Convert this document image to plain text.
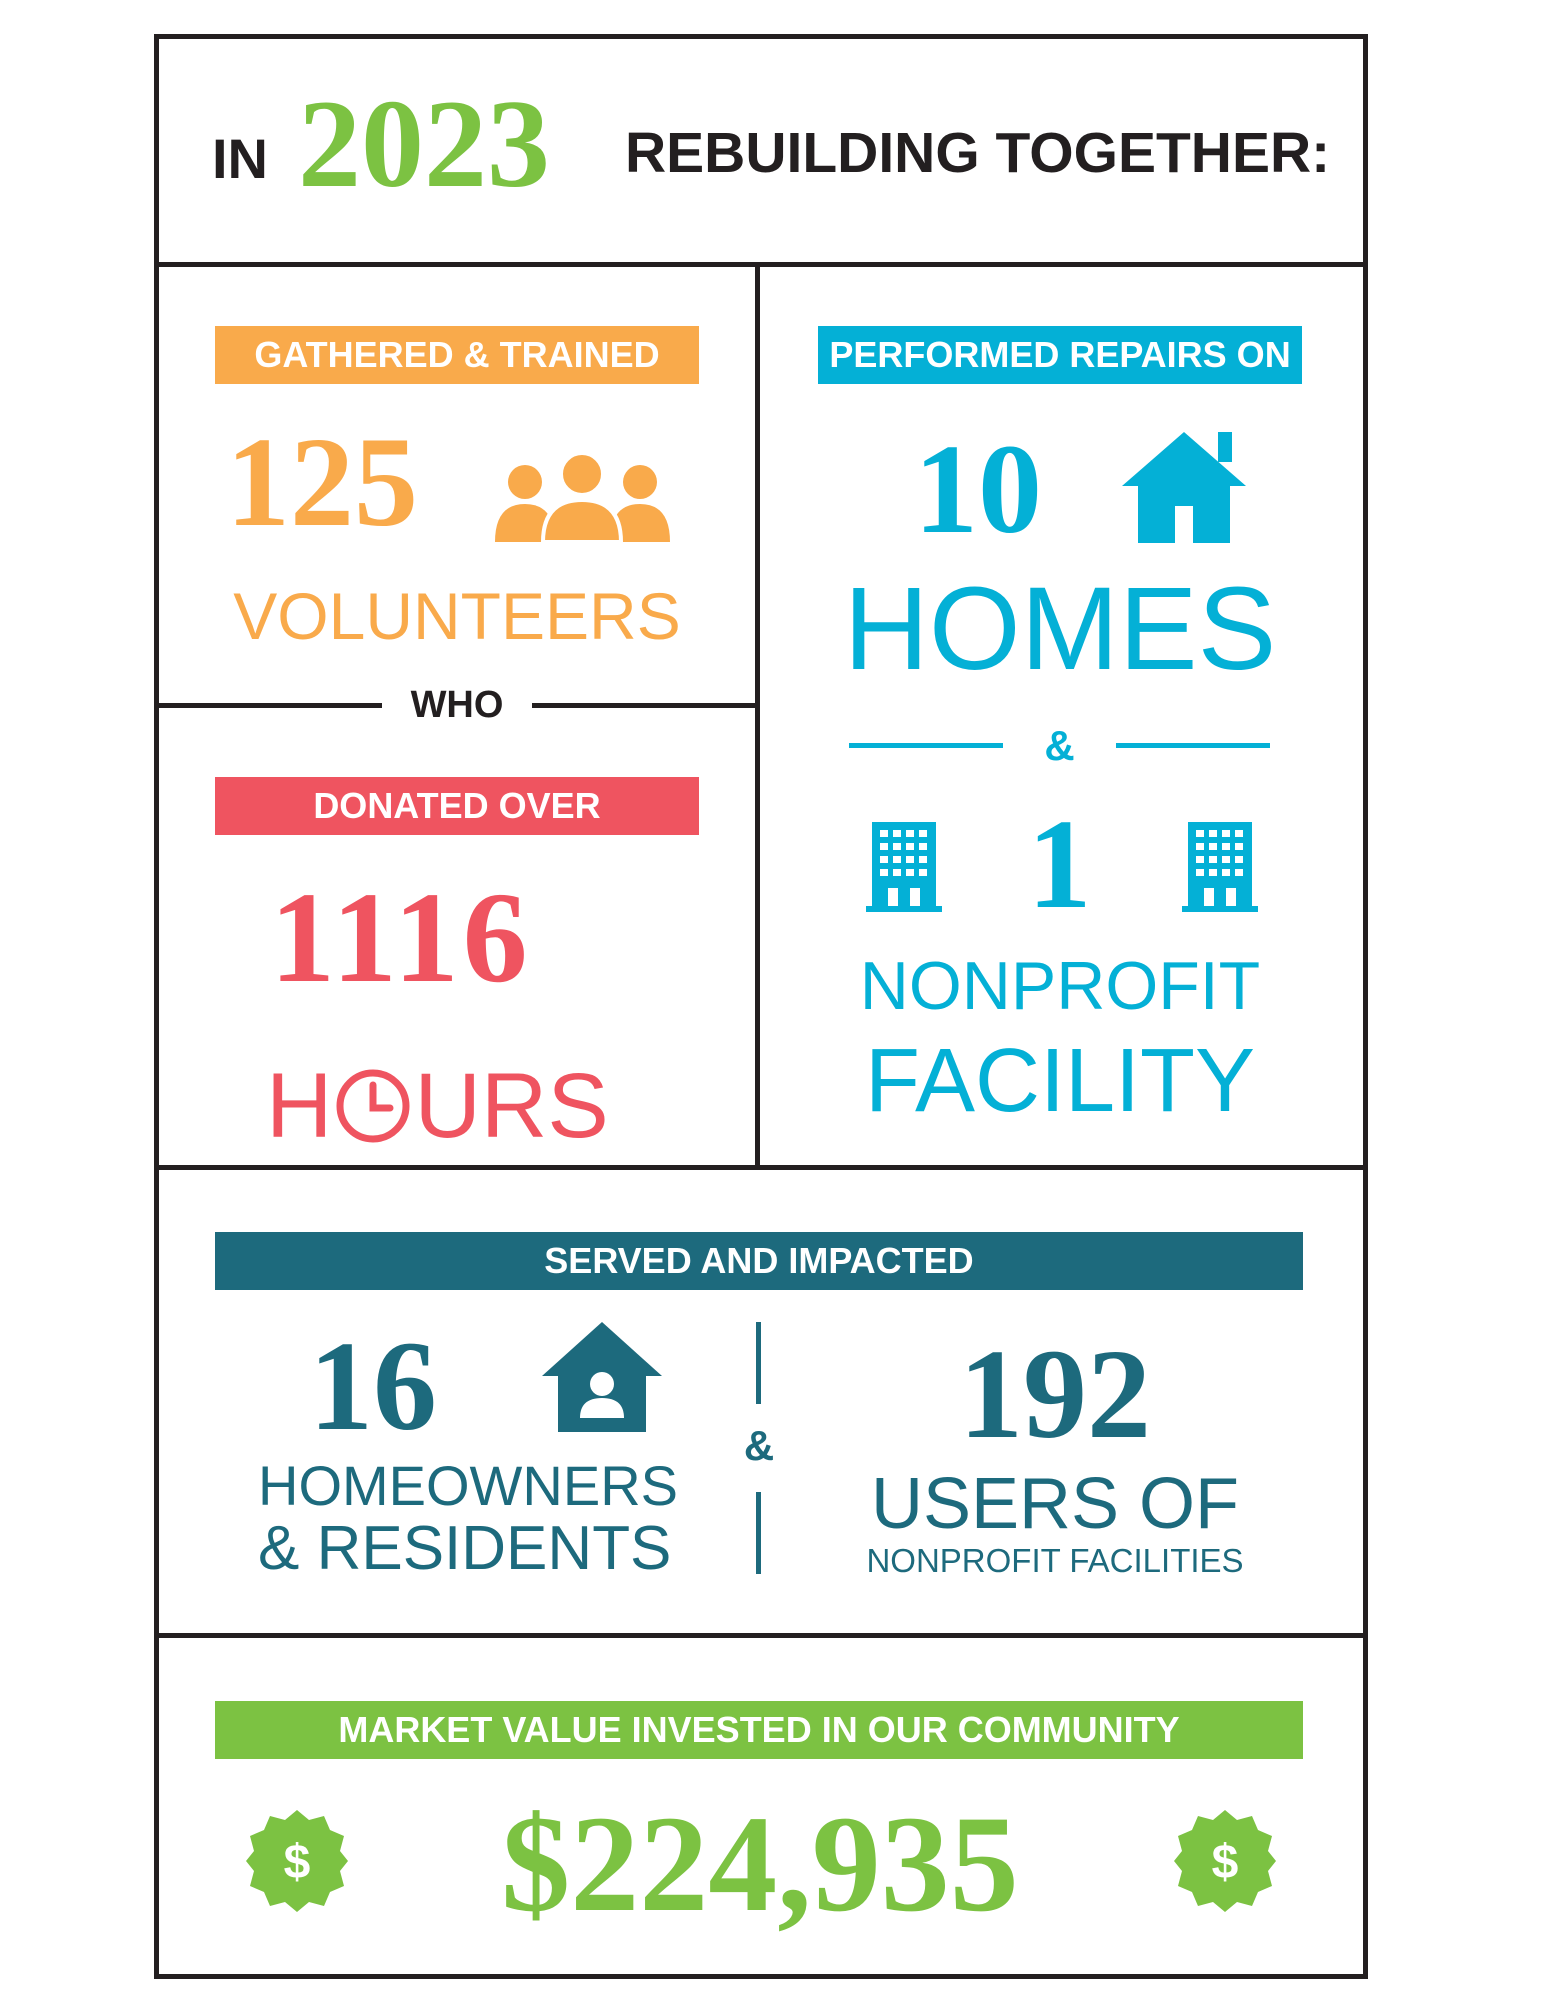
IN 2023 REBUILDING TOGETHER:
GATHERED & TRAINED
125
VOLUNTEERS
WHO
DONATED OVER
1116
H URS
PERFORMED REPAIRS ON
10
HOMES
&
1
NONPROFIT
FACILITY
SERVED AND IMPACTED
16
HOMEOWNERS
& RESIDENTS
&	192
USERS OF
NONPROFIT FACILITIES
MARKET VALUE INVESTED IN OUR COMMUNITY
$	$224,935	$
